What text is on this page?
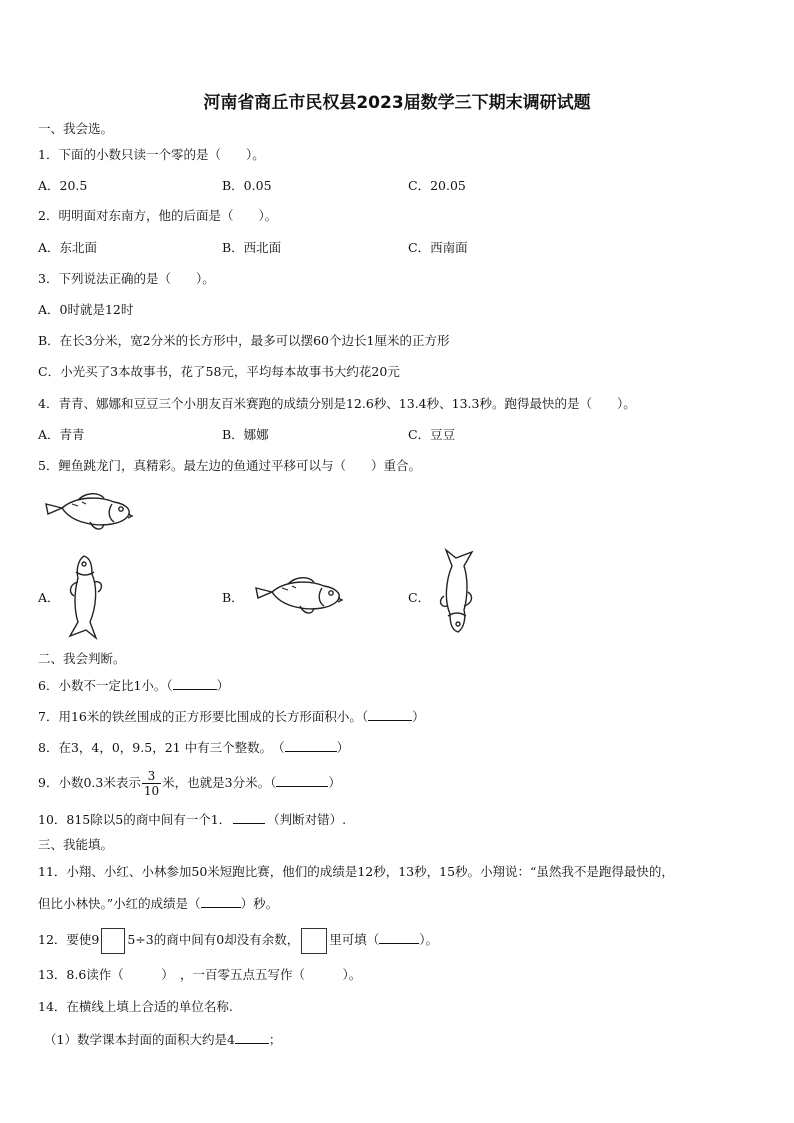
河南省商丘市民权县2023届数学三下期末调研试题
一、我会选。
1．下面的小数只读一个零的是（　　）。
A．20.5	B．0.05	C．20.05
2．明明面对东南方，他的后面是（　　）。
A．东北面	B．西北面	C．西南面
3．下列说法正确的是（　　）。
A．0时就是12时
B．在长3分米，宽2分米的长方形中，最多可以摆60个边长1厘米的正方形
C．小光买了3本故事书，花了58元，平均每本故事书大约花20元
4．青青、娜娜和豆豆三个小朋友百米赛跑的成绩分别是12.6秒、13.4秒、13.3秒。跑得最快的是（　　）。
A．青青	B．娜娜	C．豆豆
5．鲤鱼跳龙门，真精彩。最左边的鱼通过平移可以与（　　）重合。
A．	B．	C．
二、我会判断。
6．小数不一定比1小。（	）
7．用16米的铁丝围成的正方形要比围成的长方形面积小。（	）
8．在3，4，0，9.5，21 中有三个整数。　（	）
9．小数0.3米表示 $\frac{3}{10}$ 米，也就是3分米。（	）
10．815除以5的商中间有一个1．	（判断对错）.
三、我能填。
11．小翔、小红、小林参加50米短跑比赛，他们的成绩是12秒，13秒，15秒。小翔说：“虽然我不是跑得最快的，
但比小林快。”小红的成绩是（	）秒。
12．要使9 5÷3的商中间有0却没有余数， 里可填（	）。
13．8.6读作（　　　）　，一百零五点五写作（　　　）。
14．在横线上填上合适的单位名称.
（1）数学课本封面的面积大约是4	；
